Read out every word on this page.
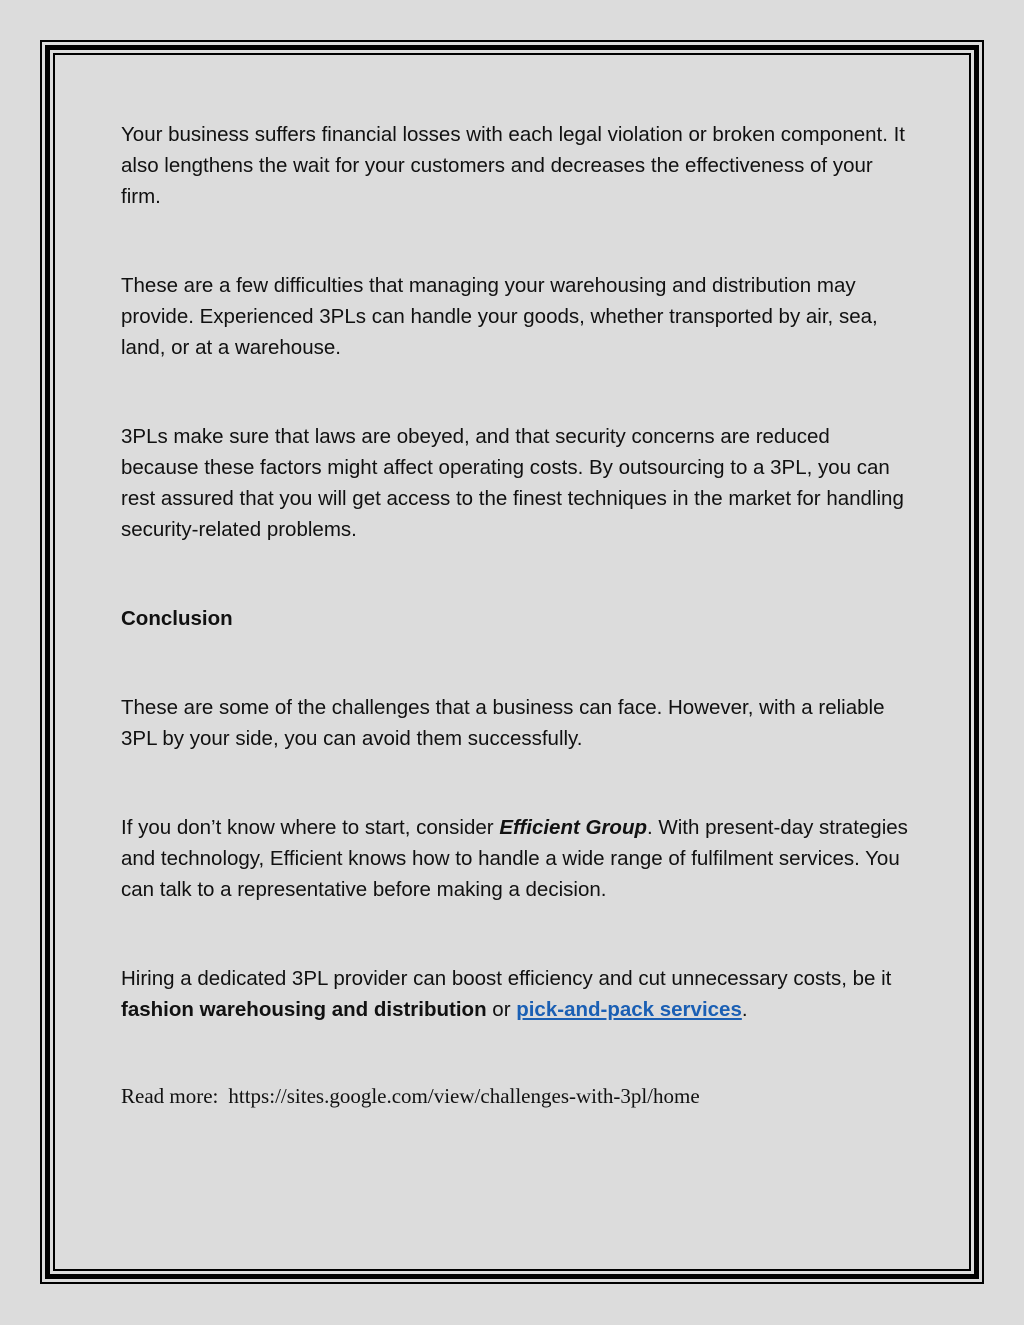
Your business suffers financial losses with each legal violation or broken component. It also lengthens the wait for your customers and decreases the effectiveness of your firm.

These are a few difficulties that managing your warehousing and distribution may provide. Experienced 3PLs can handle your goods, whether transported by air, sea, land, or at a warehouse.

3PLs make sure that laws are obeyed, and that security concerns are reduced because these factors might affect operating costs. By outsourcing to a 3PL, you can rest assured that you will get access to the finest techniques in the market for handling security-related problems.

Conclusion

These are some of the challenges that a business can face. However, with a reliable 3PL by your side, you can avoid them successfully.

If you don’t know where to start, consider Efficient Group. With present-day strategies and technology, Efficient knows how to handle a wide range of fulfilment services. You can talk to a representative before making a decision.

Hiring a dedicated 3PL provider can boost efficiency and cut unnecessary costs, be it fashion warehousing and distribution or pick-and-pack services.

Read more: https://sites.google.com/view/challenges-with-3pl/home
